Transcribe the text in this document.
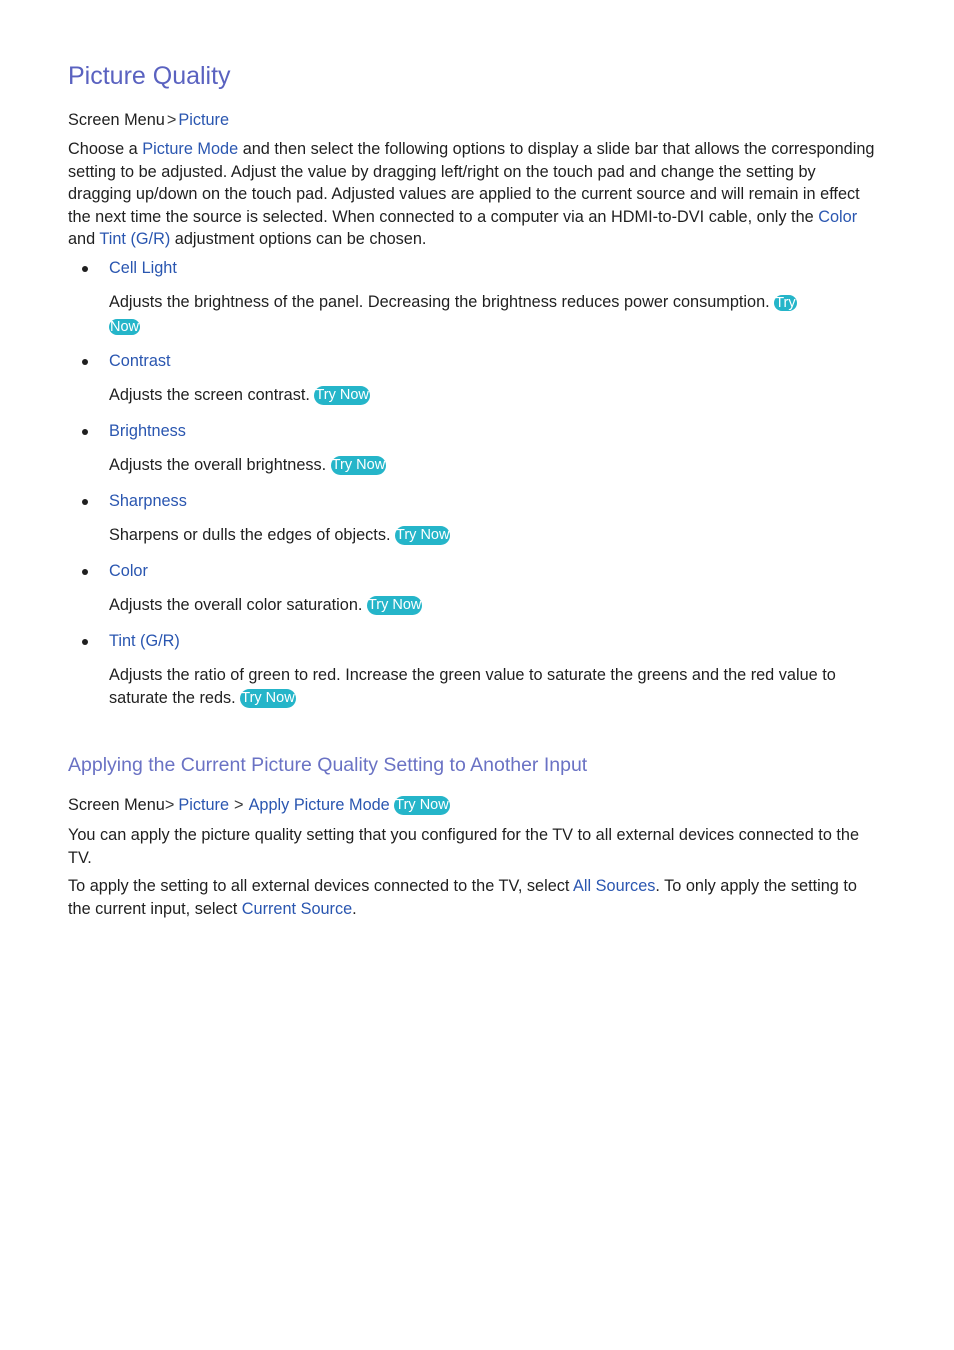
Picture Quality
Screen Menu > Picture
Choose a Picture Mode and then select the following options to display a slide bar that allows the corresponding setting to be adjusted. Adjust the value by dragging left/right on the touch pad and change the setting by dragging up/down on the touch pad. Adjusted values are applied to the current source and will remain in effect the next time the source is selected. When connected to a computer via an HDMI-to-DVI cable, only the Color and Tint (G/R) adjustment options can be chosen.
Cell Light
Adjusts the brightness of the panel. Decreasing the brightness reduces power consumption. Try
Now
Contrast
Adjusts the screen contrast. Try Now
Brightness
Adjusts the overall brightness. Try Now
Sharpness
Sharpens or dulls the edges of objects. Try Now
Color
Adjusts the overall color saturation. Try Now
Tint (G/R)
Adjusts the ratio of green to red. Increase the green value to saturate the greens and the red value to saturate the reds. Try Now
Applying the Current Picture Quality Setting to Another Input
Screen Menu> Picture > Apply Picture Mode Try Now
You can apply the picture quality setting that you configured for the TV to all external devices connected to the TV.
To apply the setting to all external devices connected to the TV, select All Sources. To only apply the setting to the current input, select Current Source.
